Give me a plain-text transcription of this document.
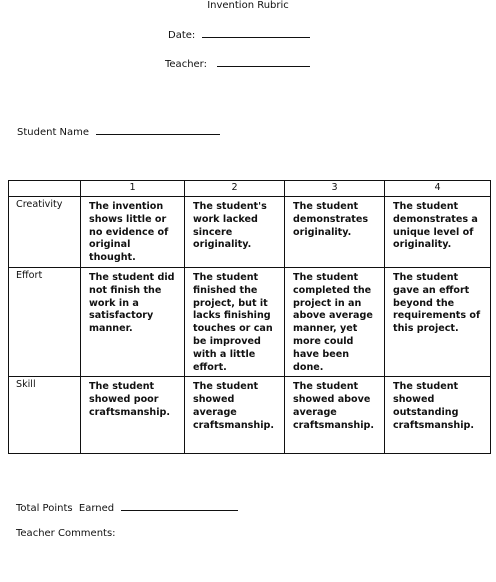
Invention Rubric
Date:
Teacher:
Student Name
	1	2	3	4
Creativity	The invention shows little or no evidence of original thought.	The student's work lacked sincere originality.	The student demonstrates originality.	The student demonstrates a unique level of originality.
Effort	The student did not finish the work in a satisfactory manner.	The student finished the project, but it lacks finishing touches or can be improved with a little effort.	The student completed the project in an above average manner, yet more could have been done.	The student gave an effort beyond the requirements of this project.
Skill	The student showed poor craftsmanship.	The student showed average craftsmanship.	The student showed above average craftsmanship.	The student showed outstanding craftsmanship.
Total Points  Earned
Teacher Comments:
